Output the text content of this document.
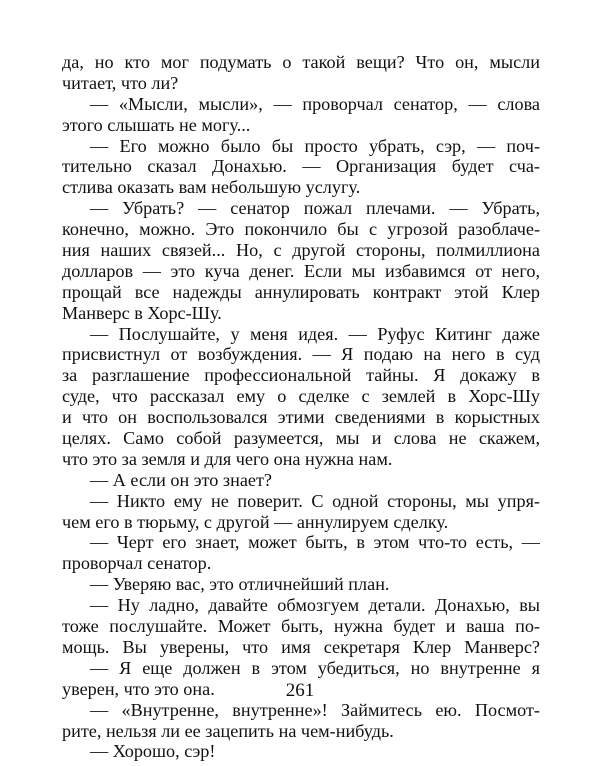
да, но кто мог подумать о такой вещи? Что он, мысли
читает, что ли?
— «Мысли, мысли», — проворчал сенатор, — слова
этого слышать не могу...
— Его можно было бы просто убрать, сэр, — поч-
тительно сказал Донахью. — Организация будет сча-
стлива оказать вам небольшую услугу.
— Убрать? — сенатор пожал плечами. — Убрать,
конечно, можно. Это покончило бы с угрозой разоблаче-
ния наших связей... Но, с другой стороны, полмиллиона
долларов — это куча денег. Если мы избавимся от него,
прощай все надежды аннулировать контракт этой Клер
Манверс в Хорс-Шу.
— Послушайте, у меня идея. — Руфус Китинг даже
присвистнул от возбуждения. — Я подаю на него в суд
за разглашение профессиональной тайны. Я докажу в
суде, что рассказал ему о сделке с землей в Хорс-Шу
и что он воспользовался этими сведениями в корыстных
целях. Само собой разумеется, мы и слова не скажем,
что это за земля и для чего она нужна нам.
— А если он это знает?
— Никто ему не поверит. С одной стороны, мы упря-
чем его в тюрьму, с другой — аннулируем сделку.
— Черт его знает, может быть, в этом что-то есть, —
проворчал сенатор.
— Уверяю вас, это отличнейший план.
— Ну ладно, давайте обмозгуем детали. Донахью, вы
тоже послушайте. Может быть, нужна будет и ваша по-
мощь. Вы уверены, что имя секретаря Клер Манверс?
— Я еще должен в этом убедиться, но внутренне я
уверен, что это она.
— «Внутренне, внутренне»! Займитесь ею. Посмот-
рите, нельзя ли ее зацепить на чем-нибудь.
— Хорошо, сэр!
261
